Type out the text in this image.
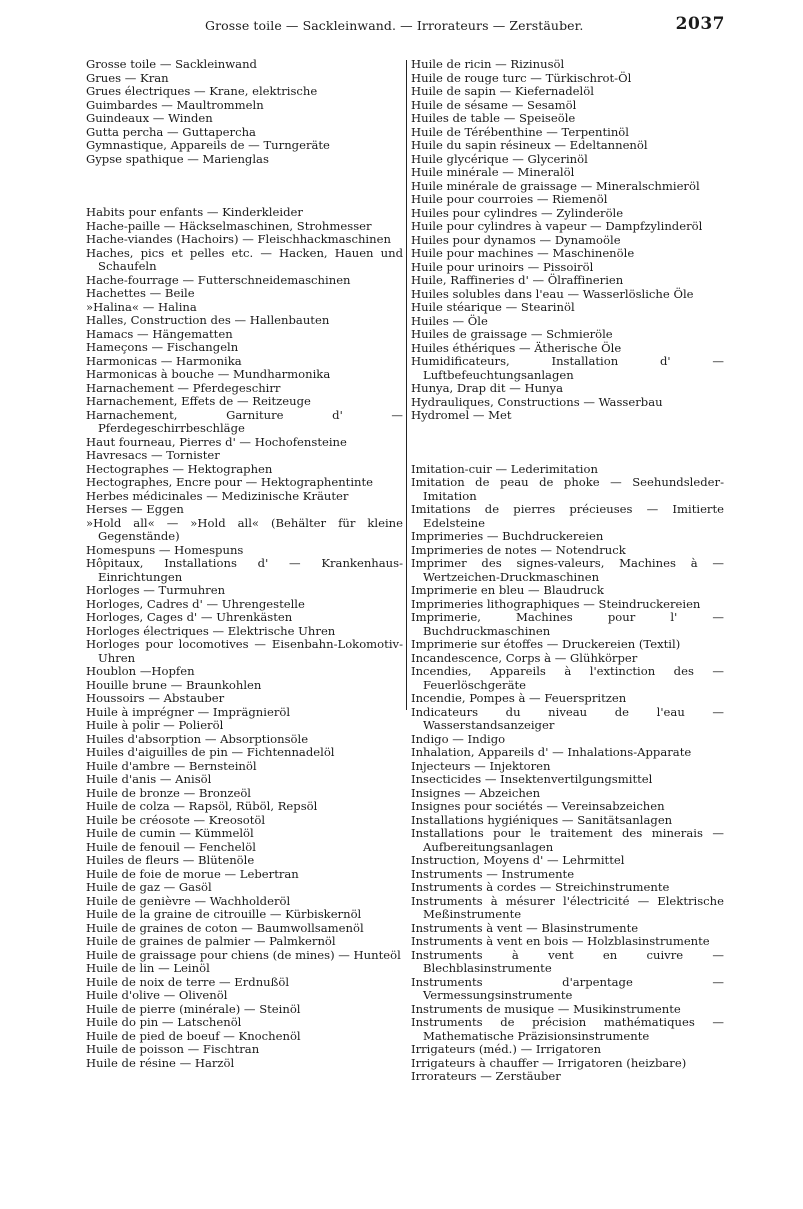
Grosse toile — Sackleinwand. — Irrorateurs — Zerstäuber.	2037
Grosse toile — Sackleinwand
Grues — Kran
Grues électriques — Krane, elektrische
Guimbardes — Maultrommeln
Guindeaux — Winden
Gutta percha — Guttapercha
Gymnastique, Appareils de — Turngeräte
Gypse spathique — Marienglas
Habits pour enfants — Kinderkleider
Hache-paille — Häckselmaschinen, Strohmesser
Hache-viandes (Hachoirs) — Fleischhackmaschinen
Haches, pics et pelles etc. — Hacken, Hauen und Schaufeln
Hache-fourrage — Futterschneidemaschinen
Hachettes — Beile
»Halina« — Halina
Halles, Construction des — Hallenbauten
Hamacs — Hängematten
Hameçons — Fischangeln
Harmonicas — Harmonika
Harmonicas à bouche — Mundharmonika
Harnachement — Pferdegeschirr
Harnachement, Effets de — Reitzeuge
Harnachement, Garniture d' — Pferdegeschirrbeschläge
Haut fourneau, Pierres d' — Hochofensteine
Havresacs — Tornister
Hectographes — Hektographen
Hectographes, Encre pour — Hektographentinte
Herbes médicinales — Medizinische Kräuter
Herses — Eggen
»Hold all« — »Hold all« (Behälter für kleine Gegenstände)
Homespuns — Homespuns
Hôpitaux, Installations d' — Krankenhaus-Einrichtungen
Horloges — Turmuhren
Horloges, Cadres d' — Uhrengestelle
Horloges, Cages d' — Uhrenkästen
Horloges électriques — Elektrische Uhren
Horloges pour locomotives — Eisenbahn-Lokomotiv-Uhren
Houblon —Hopfen
Houille brune — Braunkohlen
Houssoirs — Abstauber
Huile à imprégner — Imprägnieröl
Huile à polir — Polieröl
Huiles d'absorption — Absorptionsöle
Huiles d'aiguilles de pin — Fichtennadelöl
Huile d'ambre — Bernsteinöl
Huile d'anis — Anisöl
Huile de bronze — Bronzeöl
Huile de colza — Rapsöl, Rüböl, Repsöl
Huile be créosote — Kreosotöl
Huile de cumin — Kümmelöl
Huile de fenouil — Fenchelöl
Huiles de fleurs — Blütenöle
Huile de foie de morue — Lebertran
Huile de gaz — Gasöl
Huile de genièvre — Wachholderöl
Huile de la graine de citrouille — Kürbiskernöl
Huile de graines de coton — Baumwollsamenöl
Huile de graines de palmier — Palmkernöl
Huile de graissage pour chiens (de mines) — Hunteöl
Huile de lin — Leinöl
Huile de noix de terre — Erdnußöl
Huile d'olive — Olivenöl
Huile de pierre (minérale) — Steinöl
Huile do pin — Latschenöl
Huile de pied de boeuf — Knochenöl
Huile de poisson — Fischtran
Huile de résine — Harzöl
Huile de ricin — Rizinusöl
Huile de rouge turc — Türkischrot-Öl
Huile de sapin — Kiefernadelöl
Huile de sésame — Sesamöl
Huiles de table — Speiseöle
Huile de Térébenthine — Terpentinöl
Huile du sapin résineux — Edeltannenöl
Huile glycérique — Glycerinöl
Huile minérale — Mineralöl
Huile minérale de graissage — Mineralschmieröl
Huile pour courroies — Riemenöl
Huiles pour cylindres — Zylinderöle
Huile pour cylindres à vapeur — Dampfzylinderöl
Huiles pour dynamos — Dynamoöle
Huile pour machines — Maschinenöle
Huile pour urinoirs — Pissoiröl
Huile, Raffineries d' — Ölraffinerien
Huiles solubles dans l'eau — Wasserlösliche Öle
Huile stéarique — Stearinöl
Huiles — Öle
Huiles de graissage — Schmieröle
Huiles éthériques — Ätherische Öle
Humidificateurs, Installation d' — Luftbefeuchtungsanlagen
Hunya, Drap dit — Hunya
Hydrauliques, Constructions — Wasserbau
Hydromel — Met
Imitation-cuir — Lederimitation
Imitation de peau de phoke — Seehundsleder-Imitation
Imitations de pierres précieuses — Imitierte Edelsteine
Imprimeries — Buchdruckereien
Imprimeries de notes — Notendruck
Imprimer des signes-valeurs, Machines à — Wertzeichen-Druckmaschinen
Imprimerie en bleu — Blaudruck
Imprimeries lithographiques — Steindruckereien
Imprimerie, Machines pour l' — Buchdruckmaschinen
Imprimerie sur étoffes — Druckereien (Textil)
Incandescence, Corps à — Glühkörper
Incendies, Appareils à l'extinction des — Feuerlöschgeräte
Incendie, Pompes à — Feuerspritzen
Indicateurs du niveau de l'eau — Wasserstandsanzeiger
Indigo — Indigo
Inhalation, Appareils d' — Inhalations-Apparate
Injecteurs — Injektoren
Insecticides — Insektenvertilgungsmittel
Insignes — Abzeichen
Insignes pour sociétés — Vereinsabzeichen
Installations hygiéniques — Sanitätsanlagen
Installations pour le traitement des minerais — Aufbereitungsanlagen
Instruction, Moyens d' — Lehrmittel
Instruments — Instrumente
Instruments à cordes — Streichinstrumente
Instruments à mésurer l'électricité — Elektrische Meßinstrumente
Instruments à vent — Blasinstrumente
Instruments à vent en bois — Holzblasinstrumente
Instruments à vent en cuivre — Blechblasinstrumente
Instruments d'arpentage — Vermessungsinstrumente
Instruments de musique — Musikinstrumente
Instruments de précision mathématiques — Mathematische Präzisionsinstrumente
Irrigateurs (méd.) — Irrigatoren
Irrigateurs à chauffer — Irrigatoren (heizbare)
Irrorateurs — Zerstäuber
